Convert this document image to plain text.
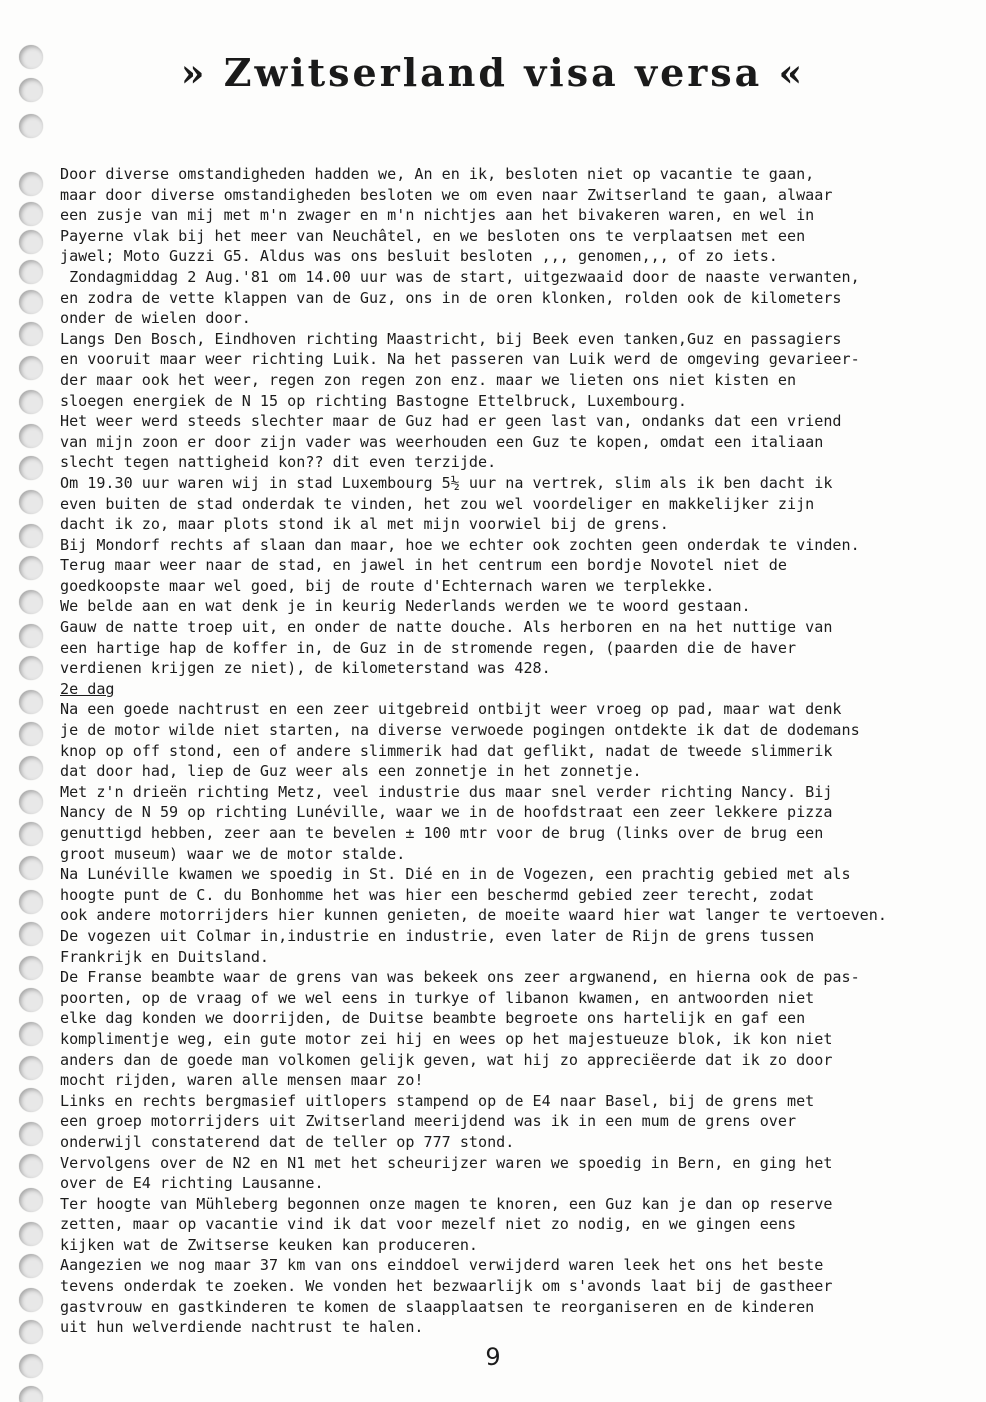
» Zwitserland visa versa «
Door diverse omstandigheden hadden we, An en ik, besloten niet op vacantie te gaan,
maar door diverse omstandigheden besloten we om even naar Zwitserland te gaan, alwaar
een zusje van mij met m'n zwager en m'n nichtjes aan het bivakeren waren, en wel in
Payerne vlak bij het meer van Neuchâtel, en we besloten ons te verplaatsen met een
jawel; Moto Guzzi G5. Aldus was ons besluit besloten ,,, genomen,,, of zo iets.
Zondagmiddag 2 Aug.'81 om 14.00 uur was de start, uitgezwaaid door de naaste verwanten,
en zodra de vette klappen van de Guz, ons in de oren klonken, rolden ook de kilometers
onder de wielen door.
Langs Den Bosch, Eindhoven richting Maastricht, bij Beek even tanken,Guz en passagiers
en vooruit maar weer richting Luik. Na het passeren van Luik werd de omgeving gevarieer-
der maar ook het weer, regen zon regen zon enz. maar we lieten ons niet kisten en
sloegen energiek de N 15 op richting Bastogne Ettelbruck, Luxembourg.
Het weer werd steeds slechter maar de Guz had er geen last van, ondanks dat een vriend
van mijn zoon er door zijn vader was weerhouden een Guz te kopen, omdat een italiaan
slecht tegen nattigheid kon?? dit even terzijde.
Om 19.30 uur waren wij in stad Luxembourg 5½ uur na vertrek, slim als ik ben dacht ik
even buiten de stad onderdak te vinden, het zou wel voordeliger en makkelijker zijn
dacht ik zo, maar plots stond ik al met mijn voorwiel bij de grens.
Bij Mondorf rechts af slaan dan maar, hoe we echter ook zochten geen onderdak te vinden.
Terug maar weer naar de stad, en jawel in het centrum een bordje Novotel niet de
goedkoopste maar wel goed, bij de route d'Echternach waren we terplekke.
We belde aan en wat denk je in keurig Nederlands werden we te woord gestaan.
Gauw de natte troep uit, en onder de natte douche. Als herboren en na het nuttige van
een hartige hap de koffer in, de Guz in de stromende regen, (paarden die de haver
verdienen krijgen ze niet), de kilometerstand was 428.
2e dag
Na een goede nachtrust en een zeer uitgebreid ontbijt weer vroeg op pad, maar wat denk
je de motor wilde niet starten, na diverse verwoede pogingen ontdekte ik dat de dodemans
knop op off stond, een of andere slimmerik had dat geflikt, nadat de tweede slimmerik
dat door had, liep de Guz weer als een zonnetje in het zonnetje.
Met z'n drieën richting Metz, veel industrie dus maar snel verder richting Nancy. Bij
Nancy de N 59 op richting Lunéville, waar we in de hoofdstraat een zeer lekkere pizza
genuttigd hebben, zeer aan te bevelen ± 100 mtr voor de brug (links over de brug een
groot museum) waar we de motor stalde.
Na Lunéville kwamen we spoedig in St. Dié en in de Vogezen, een prachtig gebied met als
hoogte punt de C. du Bonhomme het was hier een beschermd gebied zeer terecht, zodat
ook andere motorrijders hier kunnen genieten, de moeite waard hier wat langer te vertoeven.
De vogezen uit Colmar in,industrie en industrie, even later de Rijn de grens tussen
Frankrijk en Duitsland.
De Franse beambte waar de grens van was bekeek ons zeer argwanend, en hierna ook de pas-
poorten, op de vraag of we wel eens in turkye of libanon kwamen, en antwoorden niet
elke dag konden we doorrijden, de Duitse beambte begroete ons hartelijk en gaf een
komplimentje weg, ein gute motor zei hij en wees op het majestueuze blok, ik kon niet
anders dan de goede man volkomen gelijk geven, wat hij zo appreciëerde dat ik zo door
mocht rijden, waren alle mensen maar zo!
Links en rechts bergmasief uitlopers stampend op de E4 naar Basel, bij de grens met
een groep motorrijders uit Zwitserland meerijdend was ik in een mum de grens over
onderwijl constaterend dat de teller op 777 stond.
Vervolgens over de N2 en N1 met het scheurijzer waren we spoedig in Bern, en ging het
over de E4 richting Lausanne.
Ter hoogte van Mühleberg begonnen onze magen te knoren, een Guz kan je dan op reserve
zetten, maar op vacantie vind ik dat voor mezelf niet zo nodig, en we gingen eens
kijken wat de Zwitserse keuken kan produceren.
Aangezien we nog maar 37 km van ons einddoel verwijderd waren leek het ons het beste
tevens onderdak te zoeken. We vonden het bezwaarlijk om s'avonds laat bij de gastheer
gastvrouw en gastkinderen te komen de slaapplaatsen te reorganiseren en de kinderen
uit hun welverdiende nachtrust te halen.
9
